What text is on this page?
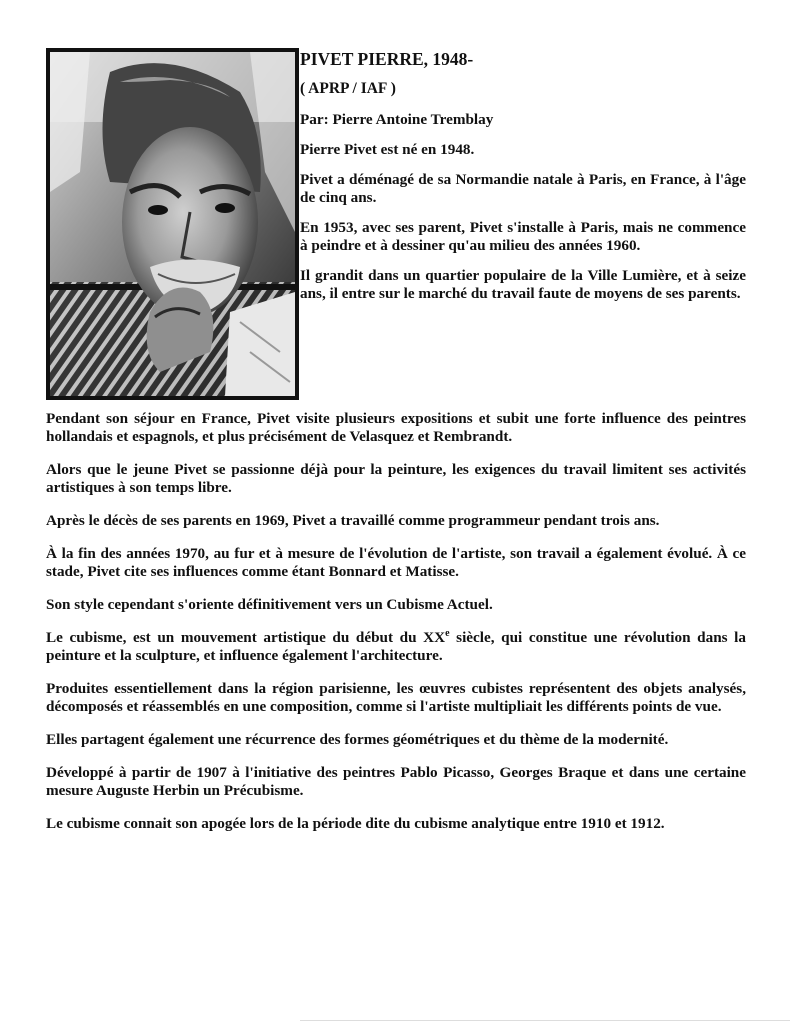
PIVET PIERRE, 1948-
( APRP / IAF )
Par: Pierre Antoine Tremblay

Pierre Pivet est né en 1948.

Pivet a déménagé de sa Normandie natale à Paris, en France, à l'âge de cinq ans.

En 1953, avec ses parent, Pivet s'installe à Paris, mais ne commence à peindre et à dessiner qu'au milieu des années 1960.

Il grandit dans un quartier populaire de la Ville Lumière, et à seize ans, il entre sur le marché du travail faute de moyens de ses parents.

Pendant son séjour en France, Pivet visite plusieurs expositions et subit une forte influence des peintres hollandais et espagnols, et plus précisément de Velasquez et Rembrandt.

Alors que le jeune Pivet se passionne déjà pour la peinture, les exigences du travail limitent ses activités artistiques à son temps libre.

Après le décès de ses parents en 1969, Pivet a travaillé comme programmeur pendant trois ans.

À la fin des années 1970, au fur et à mesure de l'évolution de l'artiste, son travail a également évolué. À ce stade, Pivet cite ses influences comme étant Bonnard et Matisse.

Son style cependant s'oriente définitivement vers un Cubisme Actuel.

Le cubisme, est un mouvement artistique du début du XXe siècle, qui constitue une révolution dans la peinture et la sculpture, et influence également l'architecture.

Produites essentiellement dans la région parisienne, les œuvres cubistes représentent des objets analysés, décomposés et réassemblés en une composition, comme si l'artiste multipliait les différents points de vue.

Elles partagent également une récurrence des formes géométriques et du thème de la modernité.

Développé à partir de 1907 à l'initiative des peintres Pablo Picasso, Georges Braque et dans une certaine mesure Auguste Herbin un Précubisme.

Le cubisme connait son apogée lors de la période dite du cubisme analytique entre 1910 et 1912.
